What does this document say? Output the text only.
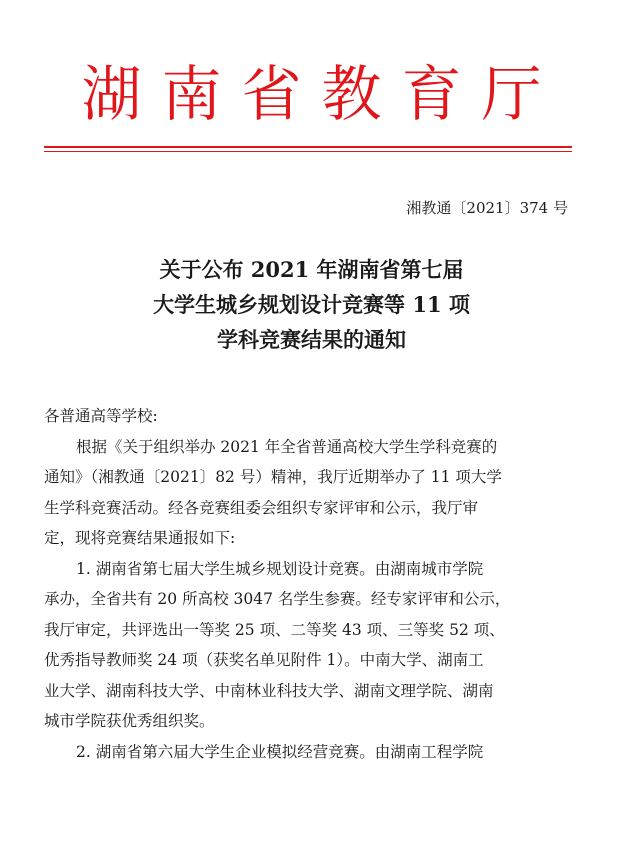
湖南省教育厅
湘教通〔2021〕374 号
关于公布 2021 年湖南省第七届
大学生城乡规划设计竞赛等 11 项
学科竞赛结果的通知

各普通高等学校:

根据《关于组织举办 2021 年全省普通高校大学生学科竞赛的

通知》（湘教通〔2021〕82 号）精神，我厅近期举办了 11 项大学

生学科竞赛活动。经各竞赛组委会组织专家评审和公示，我厅审

定，现将竞赛结果通报如下:

1. 湖南省第七届大学生城乡规划设计竞赛。由湖南城市学院

承办，全省共有 20 所高校 3047 名学生参赛。经专家评审和公示，

我厅审定，共评选出一等奖 25 项、二等奖 43 项、三等奖 52 项、

优秀指导教师奖 24 项（获奖名单见附件 1）。中南大学、湖南工

业大学、湖南科技大学、中南林业科技大学、湖南文理学院、湖南

城市学院获优秀组织奖。

2. 湖南省第六届大学生企业模拟经营竞赛。由湖南工程学院
